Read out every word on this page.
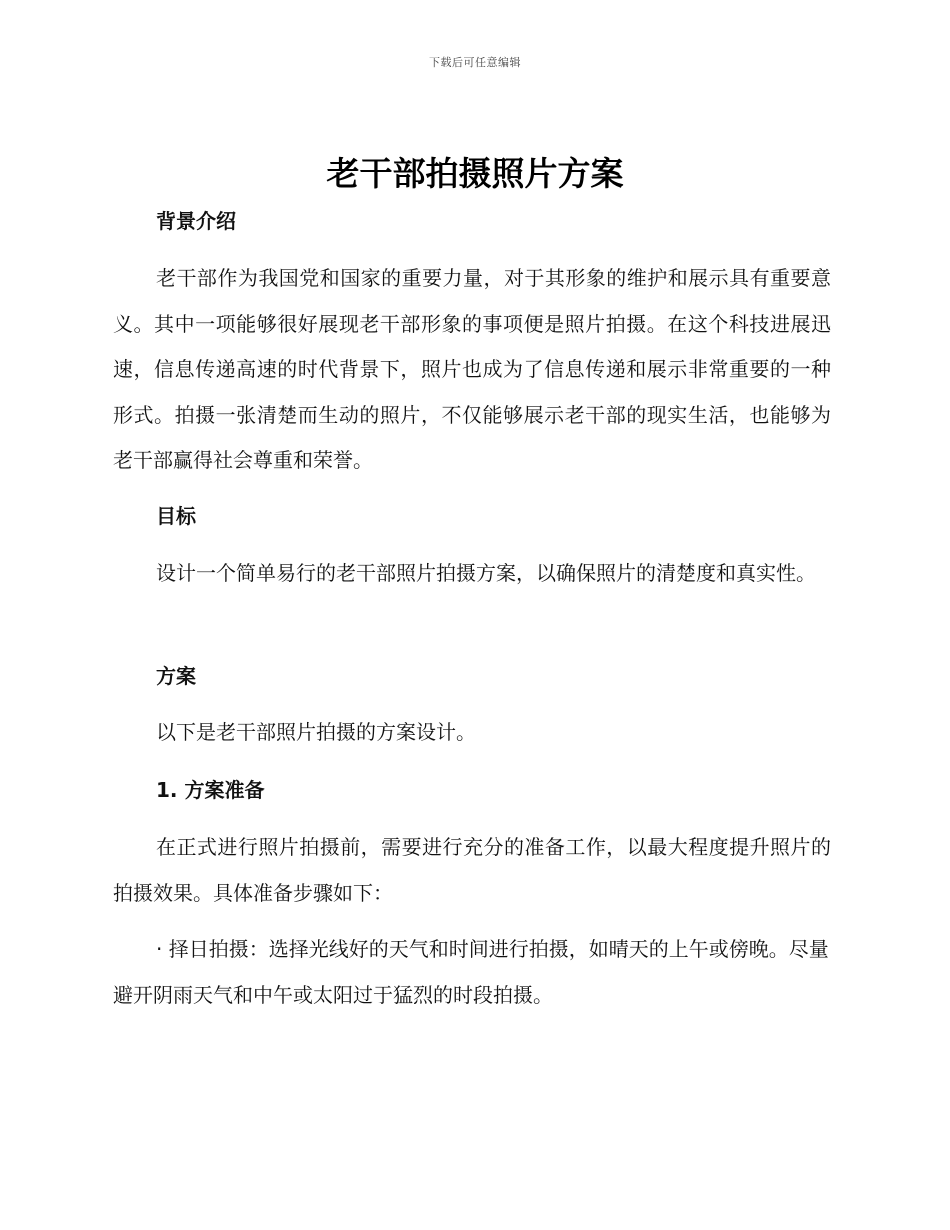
下载后可任意编辑
老干部拍摄照片方案
背景介绍

老干部作为我国党和国家的重要力量，对于其形象的维护和展示具有重要意义。其中一项能够很好展现老干部形象的事项便是照片拍摄。在这个科技进展迅速，信息传递高速的时代背景下，照片也成为了信息传递和展示非常重要的一种形式。拍摄一张清楚而生动的照片，不仅能够展示老干部的现实生活，也能够为老干部赢得社会尊重和荣誉。

目标

设计一个简单易行的老干部照片拍摄方案，以确保照片的清楚度和真实性。

方案

以下是老干部照片拍摄的方案设计。

1. 方案准备

在正式进行照片拍摄前，需要进行充分的准备工作，以最大程度提升照片的拍摄效果。具体准备步骤如下：

· 择日拍摄：选择光线好的天气和时间进行拍摄，如晴天的上午或傍晚。尽量避开阴雨天气和中午或太阳过于猛烈的时段拍摄。
